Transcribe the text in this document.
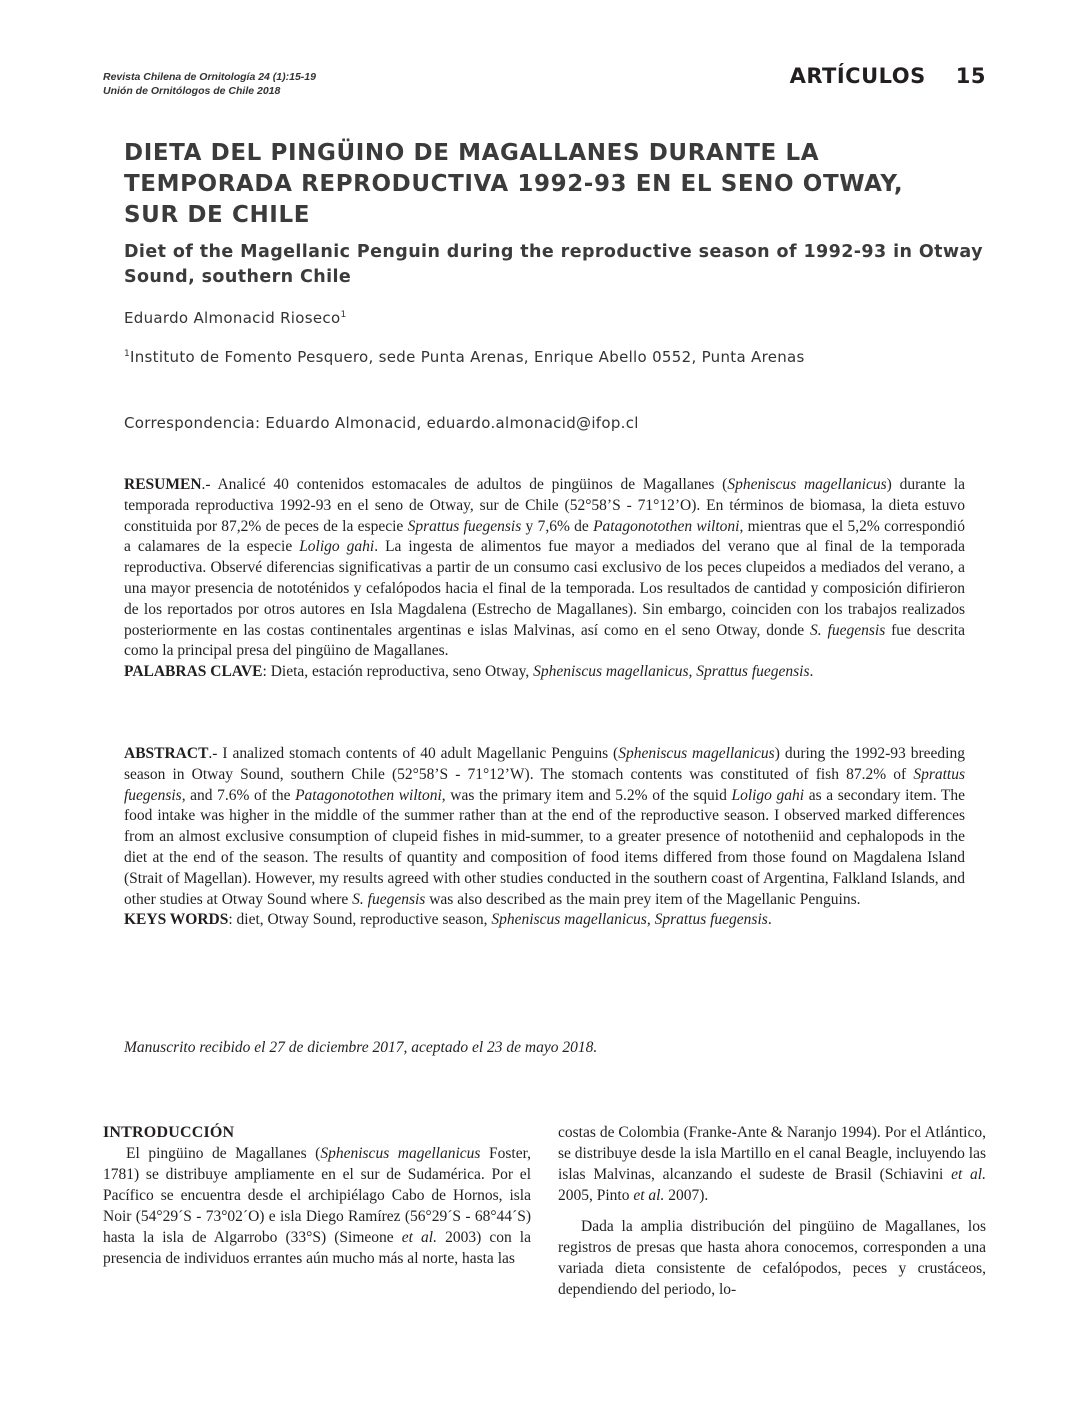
Revista Chilena de Ornitología 24 (1):15-19
Unión de Ornitólogos de Chile 2018
ARTÍCULOS 15
DIETA DEL PINGÜINO DE MAGALLANES DURANTE LA TEMPORADA REPRODUCTIVA 1992-93 EN EL SENO OTWAY, SUR DE CHILE
Diet of the Magellanic Penguin during the reproductive season of 1992-93 in Otway Sound, southern Chile
Eduardo Almonacid Rioseco$^1$
$^1$Instituto de Fomento Pesquero, sede Punta Arenas, Enrique Abello 0552, Punta Arenas
Correspondencia: Eduardo Almonacid, eduardo.almonacid@ifop.cl

RESUMEN.- Analicé 40 contenidos estomacales de adultos de pingüinos de Magallanes (Spheniscus magellanicus) durante la temporada reproductiva 1992-93 en el seno de Otway, sur de Chile (52°58’S - 71°12’O). En términos de biomasa, la dieta estuvo constituida por 87,2% de peces de la especie Sprattus fuegensis y 7,6% de Patagonotothen wiltoni, mientras que el 5,2% correspondió a calamares de la especie Loligo gahi. La ingesta de alimentos fue mayor a mediados del verano que al final de la temporada reproductiva. Observé diferencias significativas a partir de un consumo casi exclusivo de los peces clupeidos a mediados del verano, a una mayor presencia de nototénidos y cefalópodos hacia el final de la temporada. Los resultados de cantidad y composición difirieron de los reportados por otros autores en Isla Magdalena (Estrecho de Magallanes). Sin embargo, coinciden con los trabajos realizados posteriormente en las costas continentales argentinas e islas Malvinas, así como en el seno Otway, donde S. fuegensis fue descrita como la principal presa del pingüino de Magallanes.

PALABRAS CLAVE: Dieta, estación reproductiva, seno Otway, Spheniscus magellanicus, Sprattus fuegensis.

ABSTRACT.- I analized stomach contents of 40 adult Magellanic Penguins (Spheniscus magellanicus) during the 1992-93 breeding season in Otway Sound, southern Chile (52°58’S - 71°12’W). The stomach contents was constituted of fish 87.2% of Sprattus fuegensis, and 7.6% of the Patagonotothen wiltoni, was the primary item and 5.2% of the squid Loligo gahi as a secondary item. The food intake was higher in the middle of the summer rather than at the end of the reproductive season. I observed marked differences from an almost exclusive consumption of clupeid fishes in mid-summer, to a greater presence of nototheniid and cephalopods in the diet at the end of the season. The results of quantity and composition of food items differed from those found on Magdalena Island (Strait of Magellan). However, my results agreed with other studies conducted in the southern coast of Argentina, Falkland Islands, and other studies at Otway Sound where S. fuegensis was also described as the main prey item of the Magellanic Penguins.

KEYS WORDS: diet, Otway Sound, reproductive season, Spheniscus magellanicus, Sprattus fuegensis.

Manuscrito recibido el 27 de diciembre 2017, aceptado el 23 de mayo 2018.

INTRODUCCIÓN

El pingüino de Magallanes (Spheniscus magellanicus Foster, 1781) se distribuye ampliamente en el sur de Sudamérica. Por el Pacífico se encuentra desde el archipiélago Cabo de Hornos, isla Noir (54°29´S - 73°02´O) e isla Diego Ramírez (56°29´S - 68°44´S) hasta la isla de Algarrobo (33°S) (Simeone et al. 2003) con la presencia de individuos errantes aún mucho más al norte, hasta las

costas de Colombia (Franke-Ante & Naranjo 1994). Por el Atlántico, se distribuye desde la isla Martillo en el canal Beagle, incluyendo las islas Malvinas, alcanzando el sudeste de Brasil (Schiavini et al. 2005, Pinto et al. 2007).

Dada la amplia distribución del pingüino de Magallanes, los registros de presas que hasta ahora conocemos, corresponden a una variada dieta consistente de cefalópodos, peces y crustáceos, dependiendo del periodo, lo-
